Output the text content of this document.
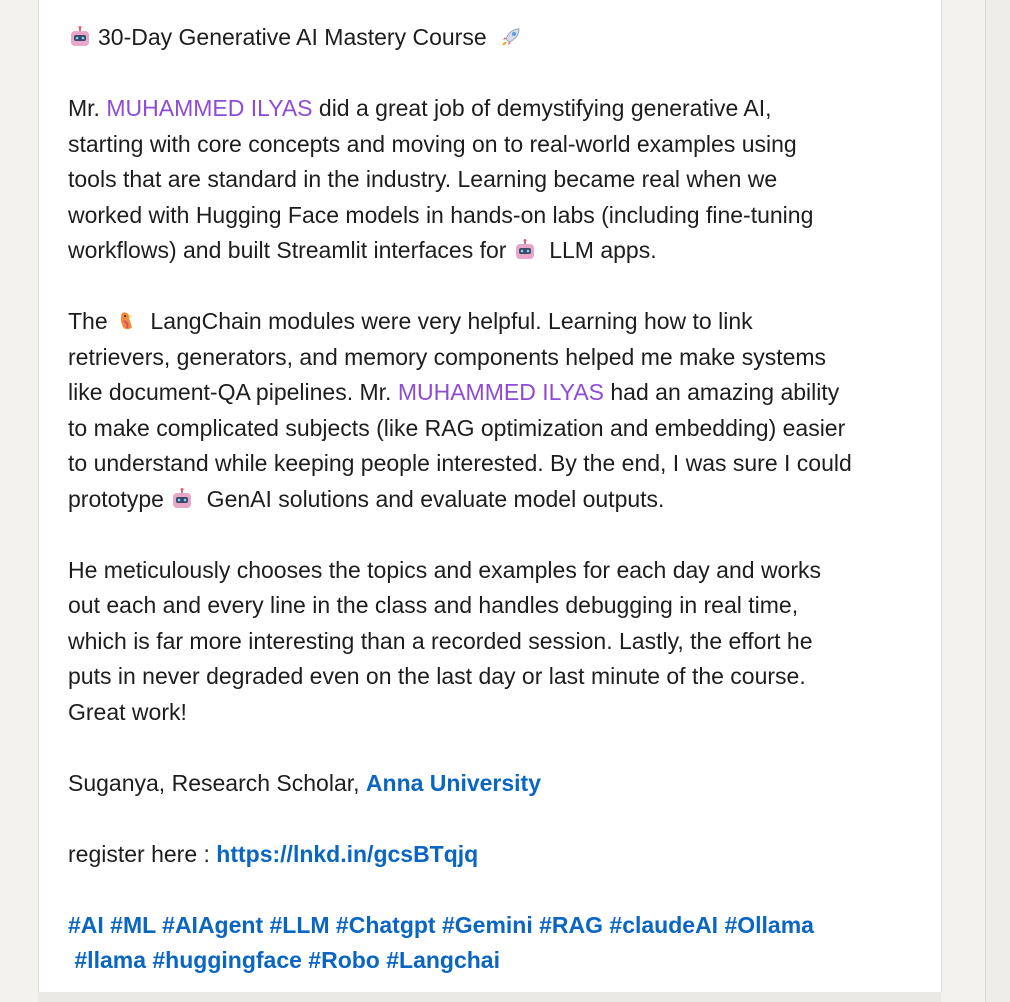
30-Day Generative AI Mastery Course
Mr. MUHAMMED ILYAS did a great job of demystifying generative AI,
starting with core concepts and moving on to real-world examples using
tools that are standard in the industry. Learning became real when we
worked with Hugging Face models in hands-on labs (including fine-tuning
workflows) and built Streamlit interfaces for  LLM apps.
The  LangChain modules were very helpful. Learning how to link
retrievers, generators, and memory components helped me make systems
like document-QA pipelines. Mr. MUHAMMED ILYAS had an amazing ability
to make complicated subjects (like RAG optimization and embedding) easier
to understand while keeping people interested. By the end, I was sure I could
prototype  GenAI solutions and evaluate model outputs.
He meticulously chooses the topics and examples for each day and works
out each and every line in the class and handles debugging in real time,
which is far more interesting than a recorded session. Lastly, the effort he
puts in never degraded even on the last day or last minute of the course.
Great work!
Suganya, Research Scholar, Anna University
register here : https://lnkd.in/gcsBTqjq
#AI #ML #AIAgent #LLM #Chatgpt #Gemini #RAG #claudeAI #Ollama
#llama #huggingface #Robo #Langchai
